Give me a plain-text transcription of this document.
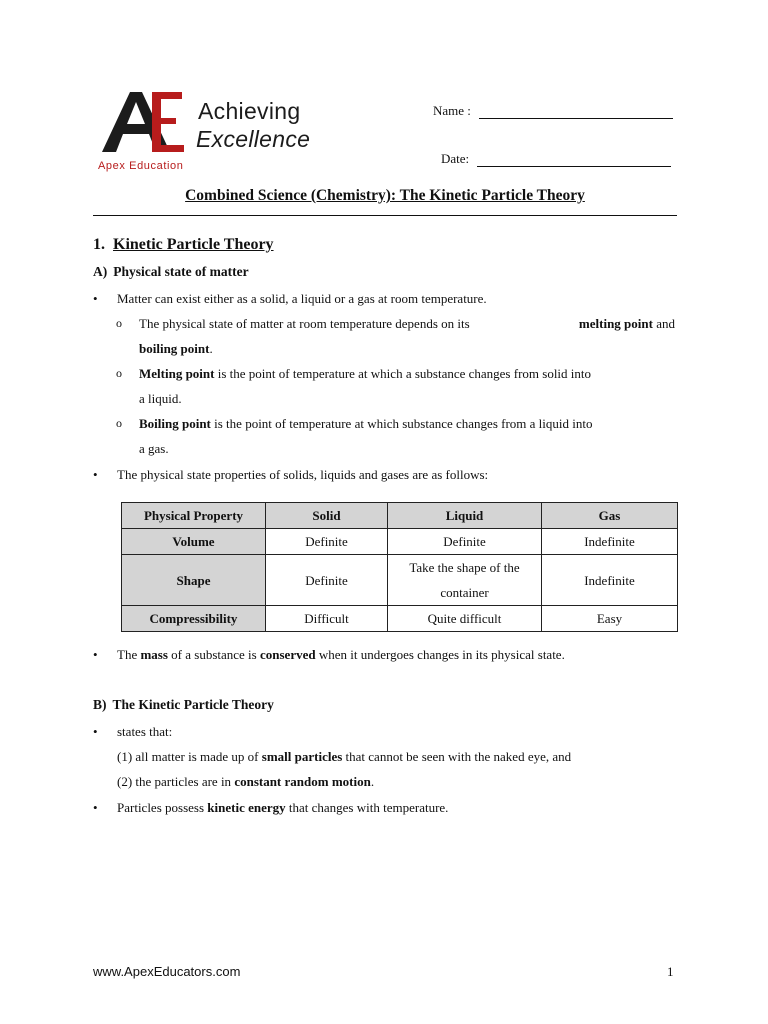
Achieving
Excellence
Apex Education
Name :
Date:
Combined Science (Chemistry): The Kinetic Particle Theory
1. Kinetic Particle Theory
A) Physical state of matter
• Matter can exist either as a solid, a liquid or a gas at room temperature.
o The physical state of matter at room temperature depends on its	melting point and
boiling point.
o Melting point is the point of temperature at which a substance changes from solid into
a liquid.
o Boiling point is the point of temperature at which substance changes from a liquid into
a gas.
• The physical state properties of solids, liquids and gases are as follows:
Physical Property	Solid	Liquid	Gas
Volume	Definite	Definite	Indefinite
Shape	Definite	Take the shape of the container	Indefinite
Compressibility	Difficult	Quite difficult	Easy
• The mass of a substance is conserved when it undergoes changes in its physical state.
B) The Kinetic Particle Theory
• states that:
(1) all matter is made up of small particles that cannot be seen with the naked eye, and
(2) the particles are in constant random motion.
• Particles possess kinetic energy that changes with temperature.
www.ApexEducators.com	1
